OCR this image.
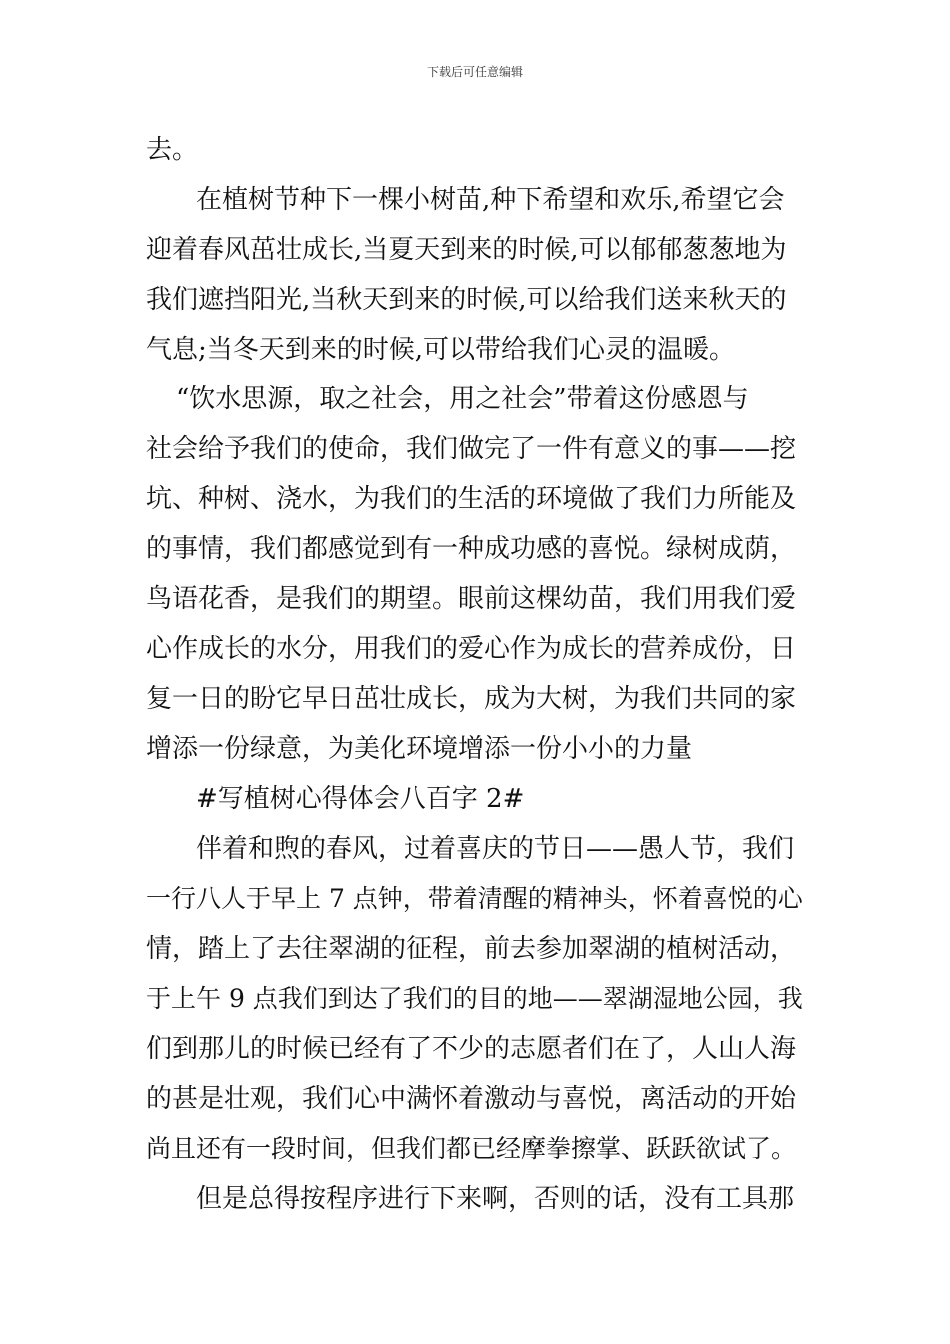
下载后可任意编辑
去。
在植树节种下一棵小树苗,种下希望和欢乐,希望它会
迎着春风茁壮成长,当夏天到来的时候,可以郁郁葱葱地为
我们遮挡阳光,当秋天到来的时候,可以给我们送来秋天的
气息;当冬天到来的时候,可以带给我们心灵的温暖。
“饮水思源，取之社会，用之社会”带着这份感恩与
社会给予我们的使命，我们做完了一件有意义的事——挖
坑、种树、浇水，为我们的生活的环境做了我们力所能及
的事情，我们都感觉到有一种成功感的喜悦。绿树成荫，
鸟语花香，是我们的期望。眼前这棵幼苗，我们用我们爱
心作成长的水分，用我们的爱心作为成长的营养成份，日
复一日的盼它早日茁壮成长，成为大树，为我们共同的家
增添一份绿意，为美化环境增添一份小小的力量
#写植树心得体会八百字 2#
伴着和煦的春风，过着喜庆的节日——愚人节，我们
一行八人于早上 7 点钟，带着清醒的精神头，怀着喜悦的心
情，踏上了去往翠湖的征程，前去参加翠湖的植树活动，
于上午 9 点我们到达了我们的目的地——翠湖湿地公园，我
们到那儿的时候已经有了不少的志愿者们在了，人山人海
的甚是壮观，我们心中满怀着激动与喜悦，离活动的开始
尚且还有一段时间，但我们都已经摩拳擦掌、跃跃欲试了。
但是总得按程序进行下来啊，否则的话，没有工具那
